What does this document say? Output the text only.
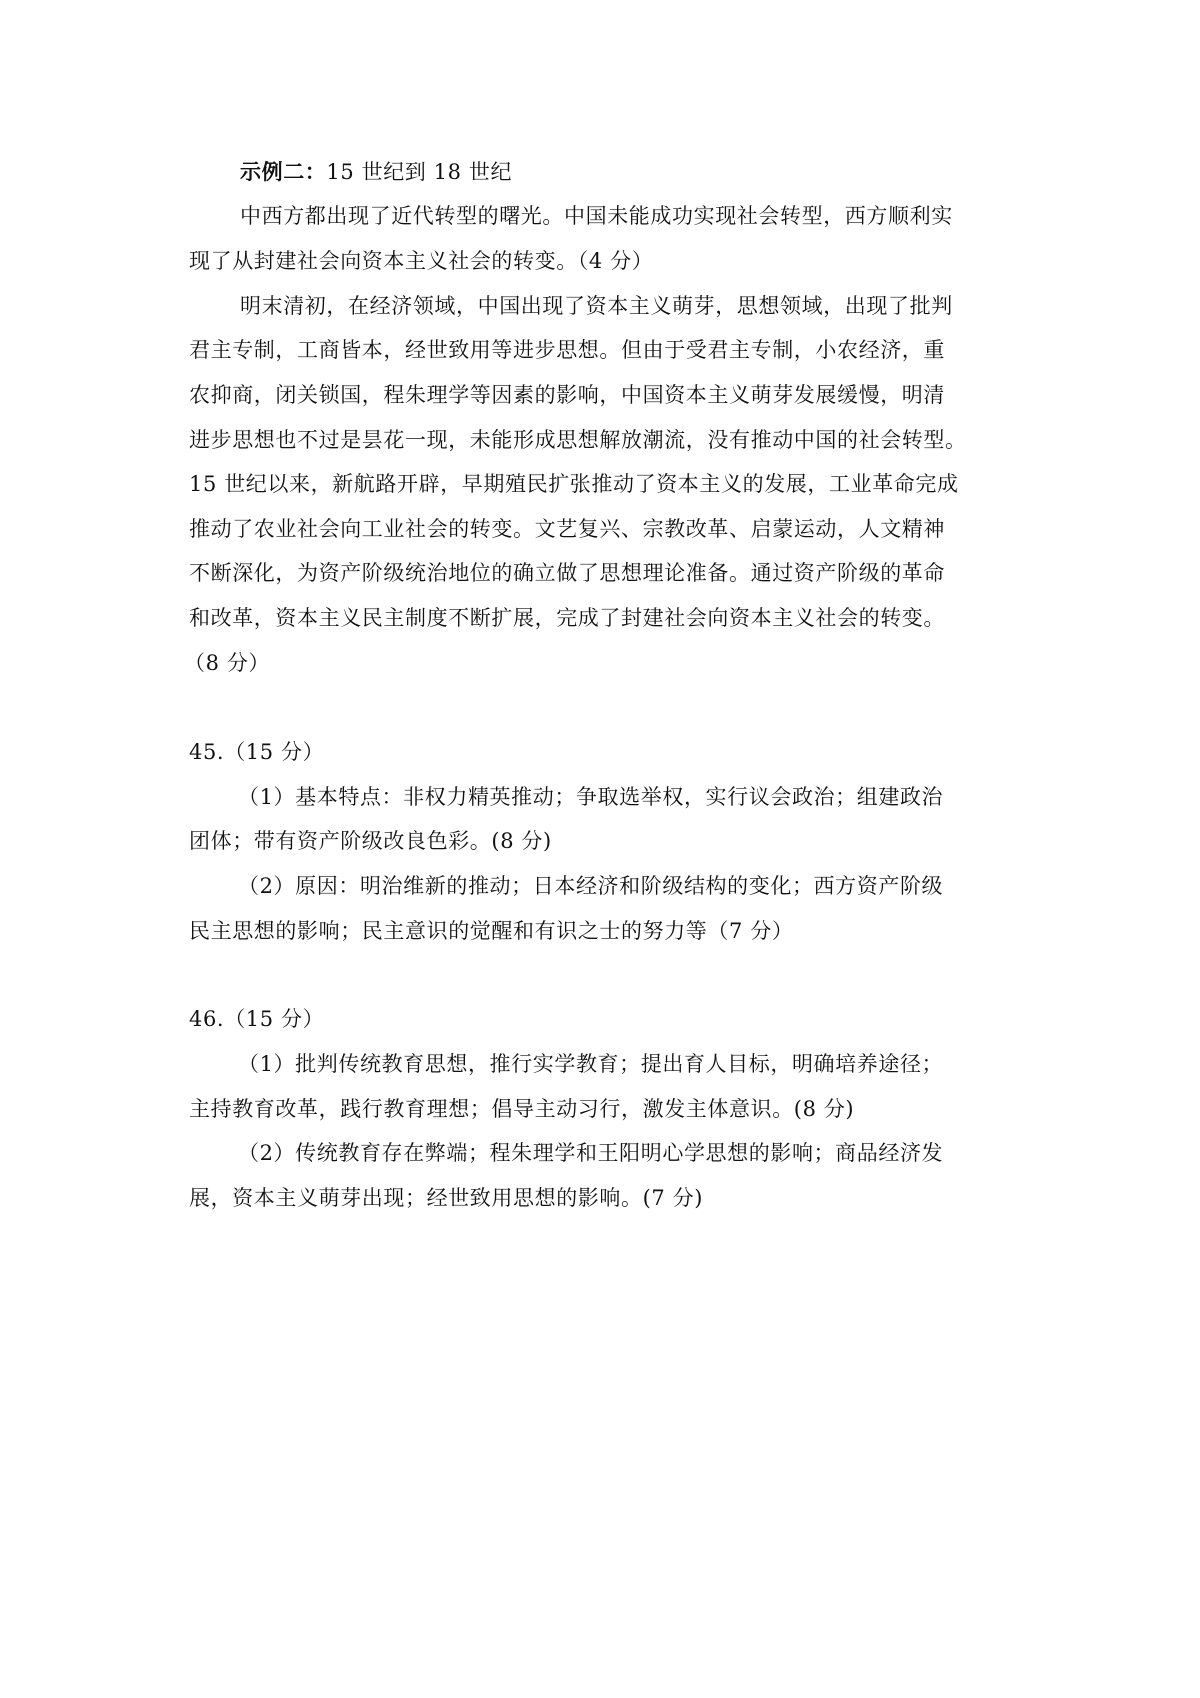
示例二：15 世纪到 18 世纪
中西方都出现了近代转型的曙光。中国未能成功实现社会转型，西方顺利实
现了从封建社会向资本主义社会的转变。（4 分）
明末清初，在经济领域，中国出现了资本主义萌芽，思想领域，出现了批判
君主专制，工商皆本，经世致用等进步思想。但由于受君主专制，小农经济，重
农抑商，闭关锁国，程朱理学等因素的影响，中国资本主义萌芽发展缓慢，明清
进步思想也不过是昙花一现，未能形成思想解放潮流，没有推动中国的社会转型。
15 世纪以来，新航路开辟，早期殖民扩张推动了资本主义的发展，工业革命完成
推动了农业社会向工业社会的转变。文艺复兴、宗教改革、启蒙运动，人文精神
不断深化，为资产阶级统治地位的确立做了思想理论准备。通过资产阶级的革命
和改革，资本主义民主制度不断扩展，完成了封建社会向资本主义社会的转变。
（8 分）
45.（15 分）
（1）基本特点：非权力精英推动；争取选举权，实行议会政治；组建政治
团体；带有资产阶级改良色彩。(8 分)
（2）原因：明治维新的推动；日本经济和阶级结构的变化；西方资产阶级
民主思想的影响；民主意识的觉醒和有识之士的努力等（7 分）
46.（15 分）
（1）批判传统教育思想，推行实学教育；提出育人目标，明确培养途径；
主持教育改革，践行教育理想；倡导主动习行，激发主体意识。(8 分)
（2）传统教育存在弊端；程朱理学和王阳明心学思想的影响；商品经济发
展，资本主义萌芽出现；经世致用思想的影响。(7 分)
